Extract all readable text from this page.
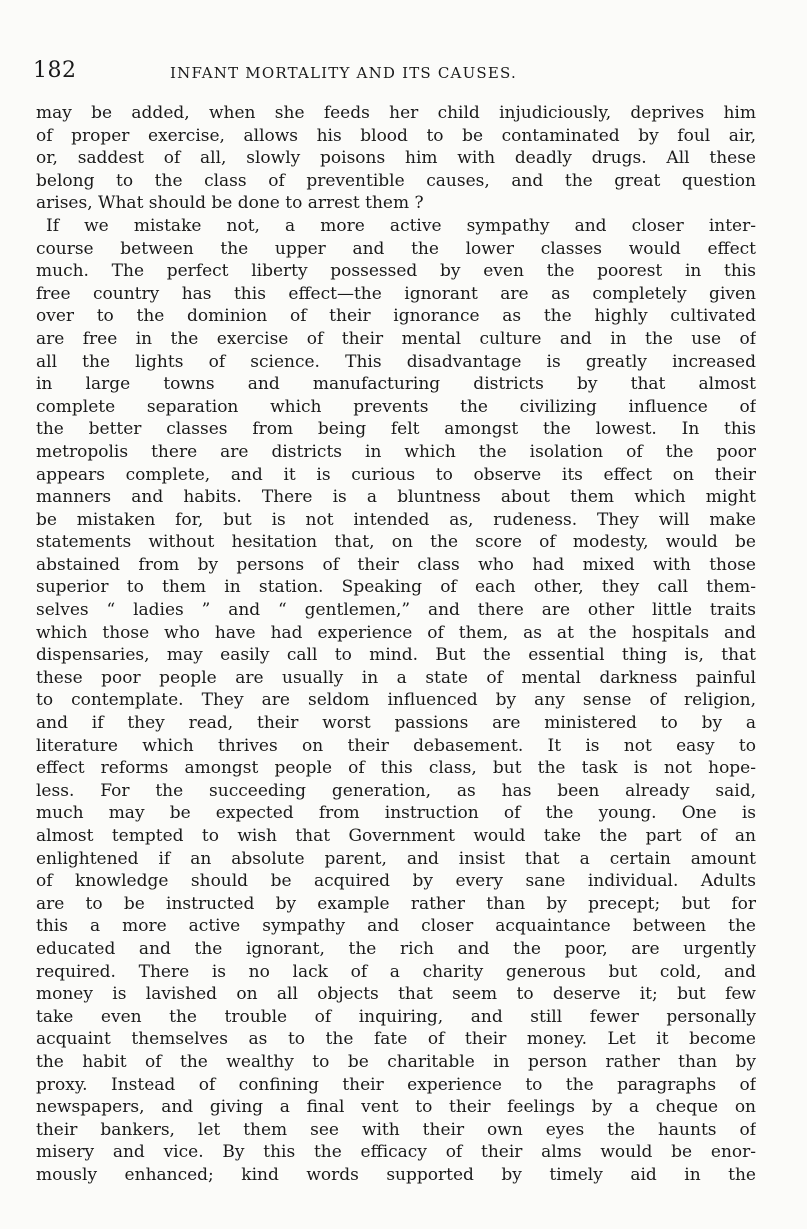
182	INFANT MORTALITY AND ITS CAUSES.
may be added, when she feeds her child injudiciously, deprives him
of proper exercise, allows his blood to be contaminated by foul air,
or, saddest of all, slowly poisons him with deadly drugs. All these
belong to the class of preventible causes, and the great question
arises, What should be done to arrest them ?
If we mistake not, a more active sympathy and closer inter-
course between the upper and the lower classes would effect
much. The perfect liberty possessed by even the poorest in this
free country has this effect—the ignorant are as completely given
over to the dominion of their ignorance as the highly cultivated
are free in the exercise of their mental culture and in the use of
all the lights of science. This disadvantage is greatly increased
in large towns and manufacturing districts by that almost
complete separation which prevents the civilizing influence of
the better classes from being felt amongst the lowest. In this
metropolis there are districts in which the isolation of the poor
appears complete, and it is curious to observe its effect on their
manners and habits. There is a bluntness about them which might
be mistaken for, but is not intended as, rudeness. They will make
statements without hesitation that, on the score of modesty, would be
abstained from by persons of their class who had mixed with those
superior to them in station. Speaking of each other, they call them-
selves “ ladies ” and “ gentlemen,” and there are other little traits
which those who have had experience of them, as at the hospitals and
dispensaries, may easily call to mind. But the essential thing is, that
these poor people are usually in a state of mental darkness painful
to contemplate. They are seldom influenced by any sense of religion,
and if they read, their worst passions are ministered to by a
literature which thrives on their debasement. It is not easy to
effect reforms amongst people of this class, but the task is not hope-
less. For the succeeding generation, as has been already said,
much may be expected from instruction of the young. One is
almost tempted to wish that Government would take the part of an
enlightened if an absolute parent, and insist that a certain amount
of knowledge should be acquired by every sane individual. Adults
are to be instructed by example rather than by precept; but for
this a more active sympathy and closer acquaintance between the
educated and the ignorant, the rich and the poor, are urgently
required. There is no lack of a charity generous but cold, and
money is lavished on all objects that seem to deserve it; but few
take even the trouble of inquiring, and still fewer personally
acquaint themselves as to the fate of their money. Let it become
the habit of the wealthy to be charitable in person rather than by
proxy. Instead of confining their experience to the paragraphs of
newspapers, and giving a final vent to their feelings by a cheque on
their bankers, let them see with their own eyes the haunts of
misery and vice. By this the efficacy of their alms would be enor-
mously enhanced; kind words supported by timely aid in the
